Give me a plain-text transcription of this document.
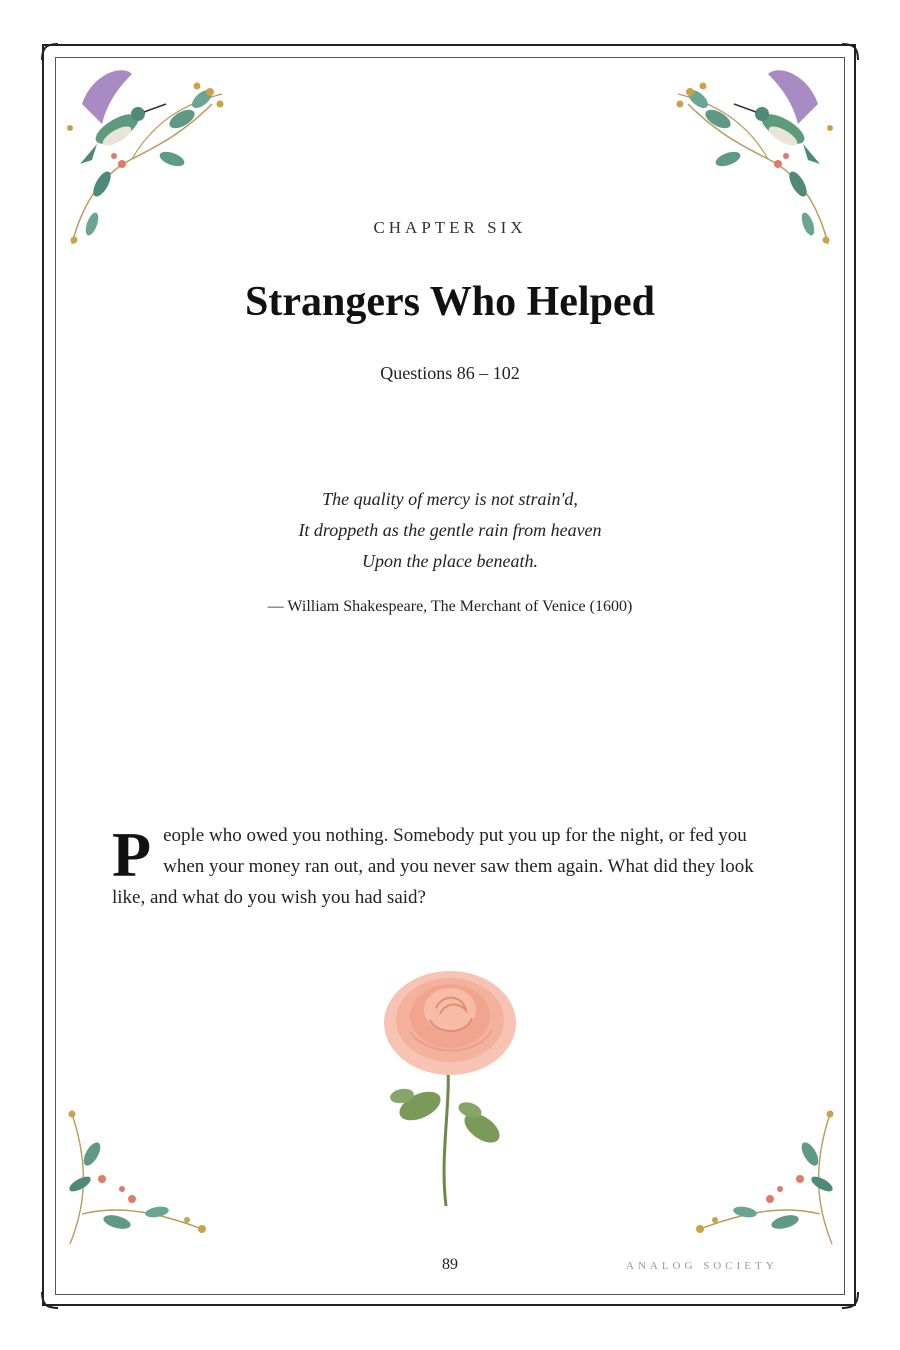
CHAPTER SIX
Strangers Who Helped
Questions 86 – 102
The quality of mercy is not strain'd,
It droppeth as the gentle rain from heaven
Upon the place beneath.
— William Shakespeare, The Merchant of Venice (1600)

People who owed you nothing. Somebody put you up for the night, or fed you when your money ran out, and you never saw them again. What did they look like, and what do you wish you had said?

89	ANALOG SOCIETY
